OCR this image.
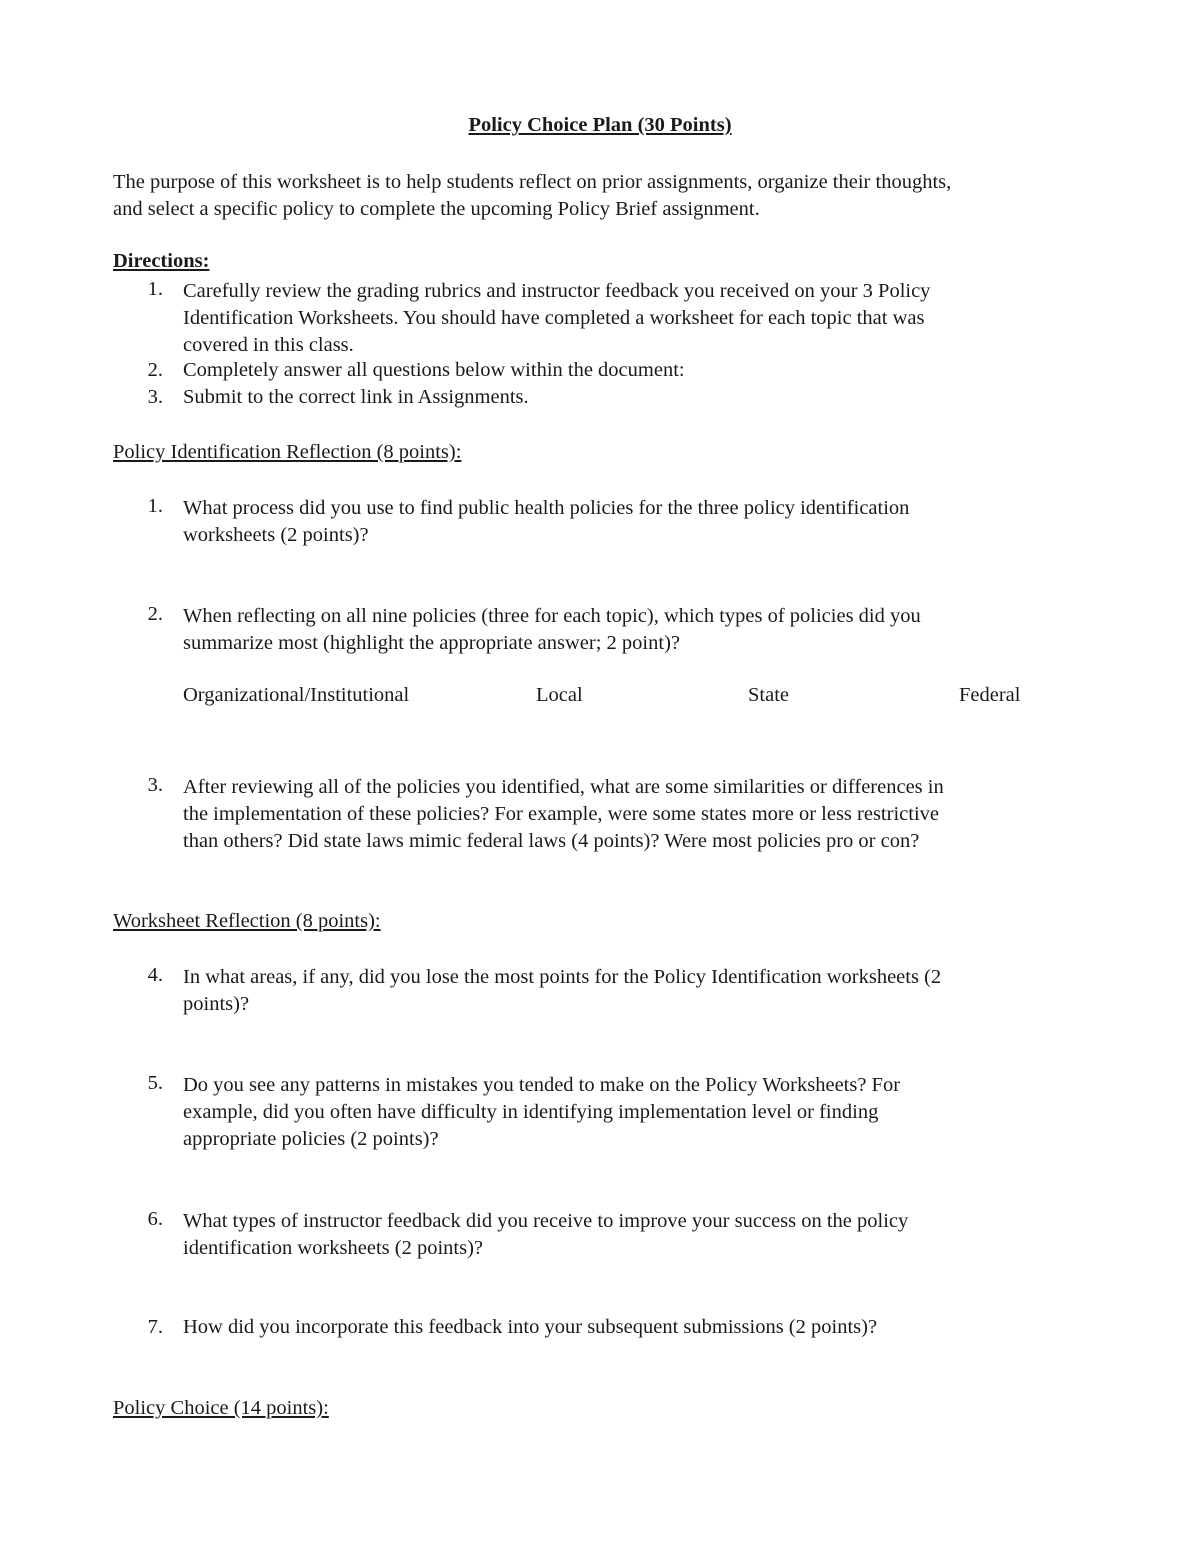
Policy Choice Plan (30 Points)
The purpose of this worksheet is to help students reflect on prior assignments, organize their thoughts,
and select a specific policy to complete the upcoming Policy Brief assignment.
Directions:
1. Carefully review the grading rubrics and instructor feedback you received on your 3 Policy
Identification Worksheets. You should have completed a worksheet for each topic that was
covered in this class.
2. Completely answer all questions below within the document:
3. Submit to the correct link in Assignments.
Policy Identification Reflection (8 points):
1. What process did you use to find public health policies for the three policy identification
worksheets (2 points)?
2. When reflecting on all nine policies (three for each topic), which types of policies did you
summarize most (highlight the appropriate answer; 2 point)?
Organizational/Institutional	Local	State	Federal
3. After reviewing all of the policies you identified, what are some similarities or differences in
the implementation of these policies? For example, were some states more or less restrictive
than others? Did state laws mimic federal laws (4 points)? Were most policies pro or con?
Worksheet Reflection (8 points):
4. In what areas, if any, did you lose the most points for the Policy Identification worksheets (2
points)?
5. Do you see any patterns in mistakes you tended to make on the Policy Worksheets? For
example, did you often have difficulty in identifying implementation level or finding
appropriate policies (2 points)?
6. What types of instructor feedback did you receive to improve your success on the policy
identification worksheets (2 points)?
7. How did you incorporate this feedback into your subsequent submissions (2 points)?
Policy Choice (14 points):
